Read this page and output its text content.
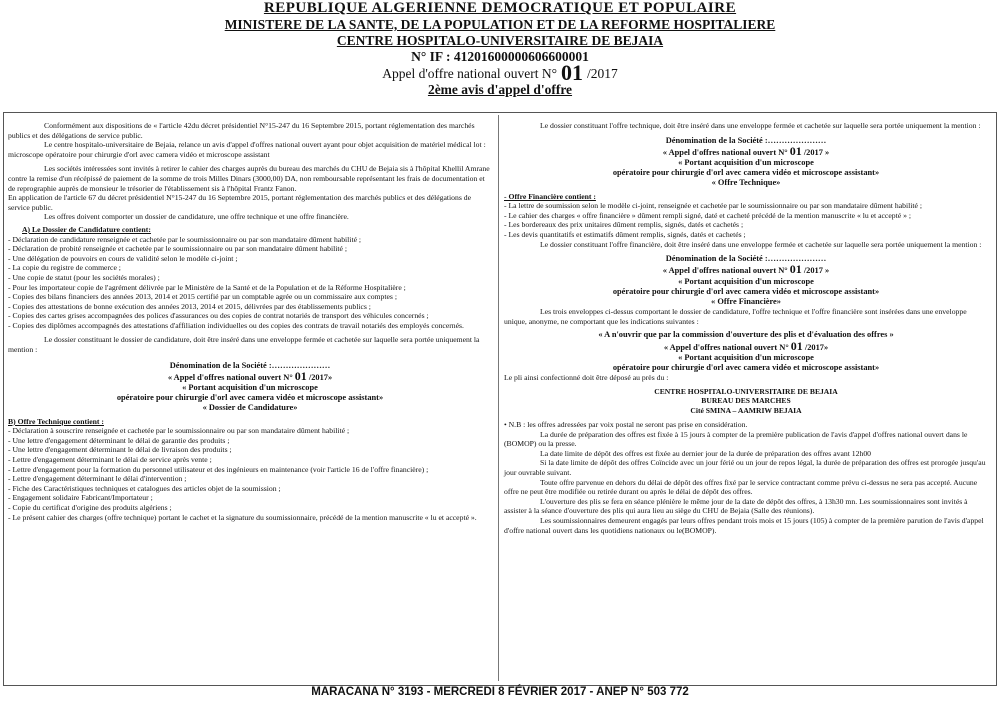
REPUBLIQUE ALGERIENNE DEMOCRATIQUE ET POPULAIRE
MINISTERE DE LA SANTE, DE LA POPULATION ET DE LA REFORME HOSPITALIERE
CENTRE HOSPITALO-UNIVERSITAIRE DE BEJAIA
N° IF : 41201600000606600001
Appel d'offre national ouvert N° 01 /2017
2ème avis d'appel d'offre

Conformément aux dispositions de « l'article 42du décret présidentiel N°15-247 du 16 Septembre 2015, portant réglementation des marchés publics et des délégations de service public.

Le centre hospitalo-universitaire de Bejaia, relance un avis d'appel d'offres national ouvert ayant pour objet acquisition de matériel médical lot : microscope opératoire pour chirurgie d'orl avec camera vidéo et microscope assistant

Les sociétés intéressées sont invités à retirer le cahier des charges auprès du bureau des marchés du CHU de Bejaia sis à l'hôpital Khellil Amrane contre la remise d'un récépissé de paiement de la somme de trois Milles Dinars (3000,00) DA, non remboursable représentant les frais de documentation et de reprographie auprès de monsieur le trésorier de l'établissement sis à l'hôpital Frantz Fanon.

En application de l'article 67 du décret présidentiel N°15-247 du 16 Septembre 2015, portant réglementation des marchés publics et des délégations de service public.

Les offres doivent comporter un dossier de candidature, une offre technique et une offre financière.

A) Le Dossier de Candidature contient:

- Déclaration de candidature renseignée et cachetée par le soumissionnaire ou par son mandataire dûment habilité ;

- Déclaration de probité renseignée et cachetée par le soumissionnaire ou par son mandataire dûment habilité ;

- Une délégation de pouvoirs en cours de validité selon le modèle ci-joint ;

- La copie du registre de commerce ;

- Une copie de statut (pour les sociétés morales) ;

- Pour les importateur copie de l'agrément délivrée par le Ministère de la Santé et de la Population et de la Réforme Hospitalière ;

- Copies des bilans financiers des années 2013, 2014 et 2015 certifié par un comptable agrée ou un commissaire aux comptes ;

- Copies des attestations de bonne exécution des années 2013, 2014 et 2015, délivrées par des établissements publics ;

- Copies des cartes grises accompagnées des polices d'assurances ou des copies de contrat notariés de transport des véhicules concernés ;

- Copies des diplômes accompagnés des attestations d'affiliation individuelles ou des copies des contrats de travail notariés des employés concernés.

Le dossier constituant le dossier de candidature, doit être inséré dans une enveloppe fermée et cachetée sur laquelle sera portée uniquement la mention :

Dénomination de la Société :…………………

« Appel d'offres national ouvert N° 01 /2017»

« Portant acquisition d'un microscope

opératoire pour chirurgie d'orl avec camera vidéo et microscope assistant»

« Dossier de Candidature»

B) Offre Technique contient :

- Déclaration à souscrire renseignée et cachetée par le soumissionnaire ou par son mandataire dûment habilité ;

- Une lettre d'engagement déterminant le délai de garantie des produits ;

- Une lettre d'engagement déterminant le délai de livraison des produits ;

- Lettre d'engagement déterminant le délai de service après vente ;

- Lettre d'engagement pour la formation du personnel utilisateur et des ingénieurs en maintenance (voir l'article 16 de l'offre financière) ;

- Lettre d'engagement déterminant le délai d'intervention ;

- Fiche des Caractéristiques techniques et catalogues des articles objet de la soumission ;

- Engagement solidaire Fabricant/Importateur ;

- Copie du certificat d'origine des produits algériens ;

- Le présent cahier des charges (offre technique) portant le cachet et la signature du soumissionnaire, précédé de la mention manuscrite « lu et accepté ».

Le dossier constituant l'offre technique, doit être inséré dans une enveloppe fermée et cachetée sur laquelle sera portée uniquement la mention :

Dénomination de la Société :…………………

« Appel d'offres national ouvert N° 01 /2017 »

« Portant acquisition d'un microscope

opératoire pour chirurgie d'orl avec camera vidéo et microscope assistant»

« Offre Technique»

- Offre Financière contient :

- La lettre de soumission selon le modèle ci-joint, renseignée et cachetée par le soumissionnaire ou par son mandataire dûment habilité ;

- Le cahier des charges « offre financière » dûment rempli signé, daté et cacheté précédé de la mention manuscrite « lu et accepté » ;

- Les bordereaux des prix unitaires dûment remplis, signés, datés et cachetés ;

- Les devis quantitatifs et estimatifs dûment remplis, signés, datés et cachetés ;

Le dossier constituant l'offre financière, doit être inséré dans une enveloppe fermée et cachetée sur laquelle sera portée uniquement la mention :

Dénomination de la Société :…………………

« Appel d'offres national ouvert N° 01 /2017 »

« Portant acquisition d'un microscope

opératoire pour chirurgie d'orl avec camera vidéo et microscope assistant»

« Offre Financière»

Les trois enveloppes ci-dessus comportant le dossier de candidature, l'offre technique et l'offre financière sont insérées dans une enveloppe unique, anonyme, ne comportant que les indications suivantes :

« A n'ouvrir que par la commission d'ouverture des plis et d'évaluation des offres »

« Appel d'offres national ouvert N° 01 /2017»

« Portant acquisition d'un microscope

opératoire pour chirurgie d'orl avec camera vidéo et microscope assistant»

Le pli ainsi confectionné doit être déposé au près du :

CENTRE HOSPITALO-UNIVERSITAIRE DE BEJAIA

BUREAU DES MARCHES

Cité SMINA – AAMRIW BEJAIA

• N.B : les offres adressées par voix postal ne seront pas prise en considération.

La durée de préparation des offres est fixée à 15 jours à compter de la première publication de l'avis d'appel d'offres national ouvert dans le (BOMOP) ou la presse.

La date limite de dépôt des offres est fixée au dernier jour de la durée de préparation des offres avant 12h00

Si la date limite de dépôt des offres Coïncide avec un jour férié ou un jour de repos légal, la durée de préparation des offres est prorogée jusqu'au jour ouvrable suivant.

Toute offre parvenue en dehors du délai de dépôt des offres fixé par le service contractant comme prévu ci-dessus ne sera pas accepté. Aucune offre ne peut être modifiée ou retirée durant ou après le délai de dépôt des offres.

L'ouverture des plis se fera en séance plénière le même jour de la date de dépôt des offres, à 13h30 mn. Les soumissionnaires sont invités à assister à la séance d'ouverture des plis qui aura lieu au siège du CHU de Bejaia (Salle des réunions).

Les soumissionnaires demeurent engagés par leurs offres pendant trois mois et 15 jours (105) à compter de la première parution de l'avis d'appel d'offre national ouvert dans les quotidiens nationaux ou le(BOMOP).

MARACANA N° 3193 - MERCREDI 8 FÉVRIER 2017 - ANEP N° 503 772
